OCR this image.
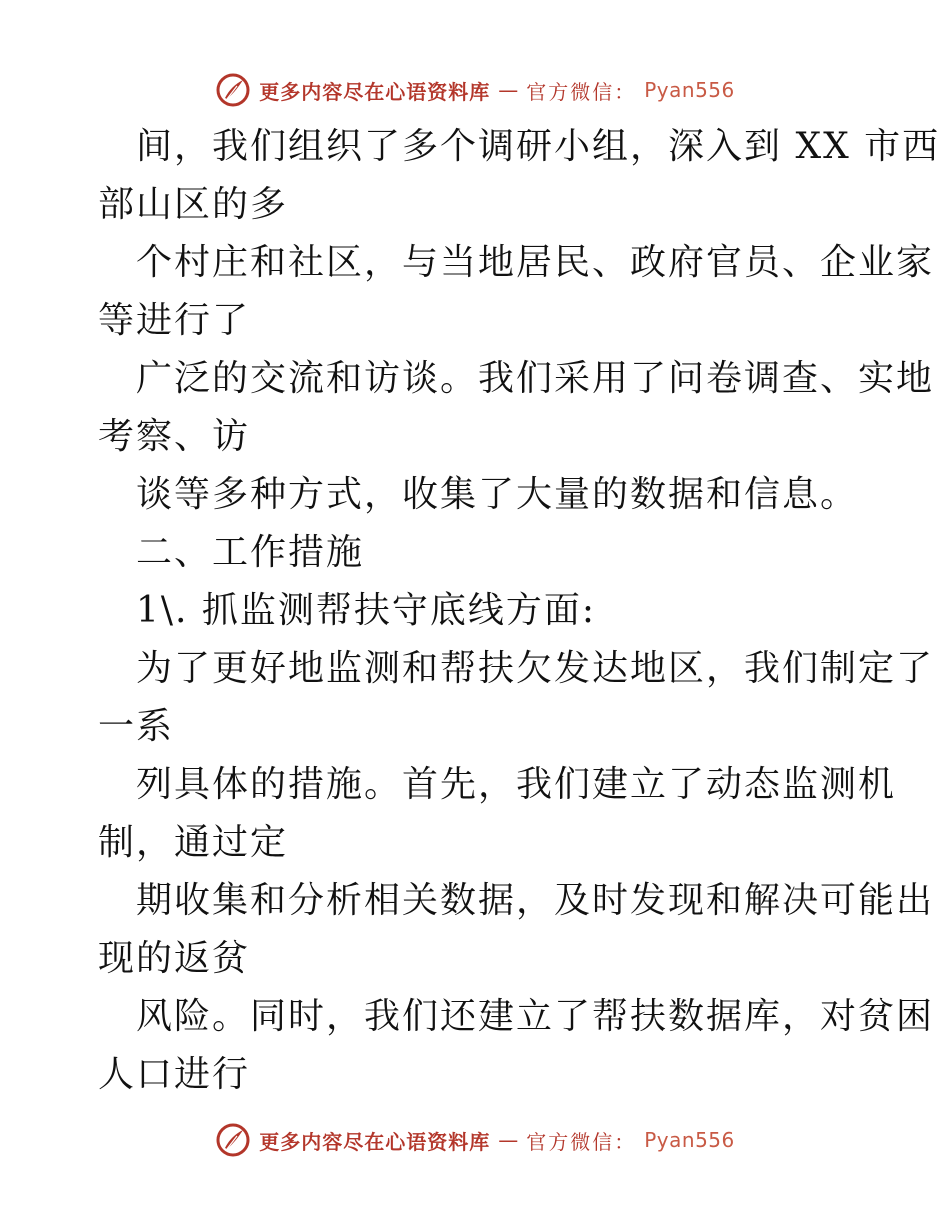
更多内容尽在心语资料库 — 官方微信： Pyan556
间，我们组织了多个调研小组，深入到 XX 市西
部山区的多
个村庄和社区，与当地居民、政府官员、企业家
等进行了
广泛的交流和访谈。我们采用了问卷调查、实地
考察、访
谈等多种方式，收集了大量的数据和信息。
二、工作措施
1\. 抓监测帮扶守底线方面:
为了更好地监测和帮扶欠发达地区，我们制定了
一系
列具体的措施。首先，我们建立了动态监测机
制，通过定
期收集和分析相关数据，及时发现和解决可能出
现的返贫
风险。同时，我们还建立了帮扶数据库，对贫困
人口进行
更多内容尽在心语资料库 — 官方微信： Pyan556
